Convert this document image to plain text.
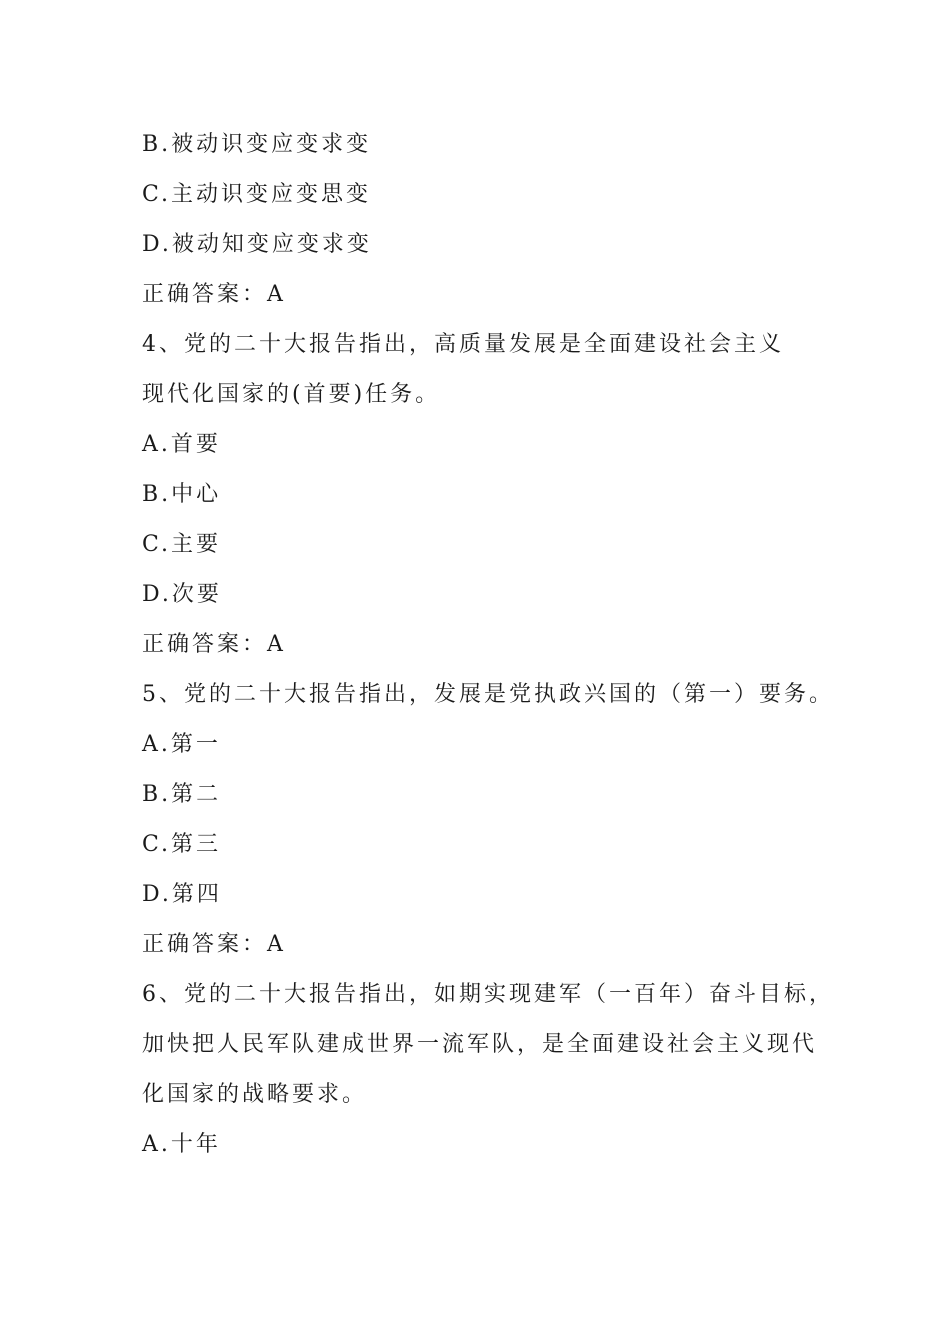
B.被动识变应变求变
C.主动识变应变思变
D.被动知变应变求变
正确答案：A
4、党的二十大报告指出，高质量发展是全面建设社会主义
现代化国家的(首要)任务。
A.首要
B.中心
C.主要
D.次要
正确答案：A
5、党的二十大报告指出，发展是党执政兴国的（第一）要务。
A.第一
B.第二
C.第三
D.第四
正确答案：A
6、党的二十大报告指出，如期实现建军（一百年）奋斗目标，
加快把人民军队建成世界一流军队，是全面建设社会主义现代
化国家的战略要求。
A.十年
